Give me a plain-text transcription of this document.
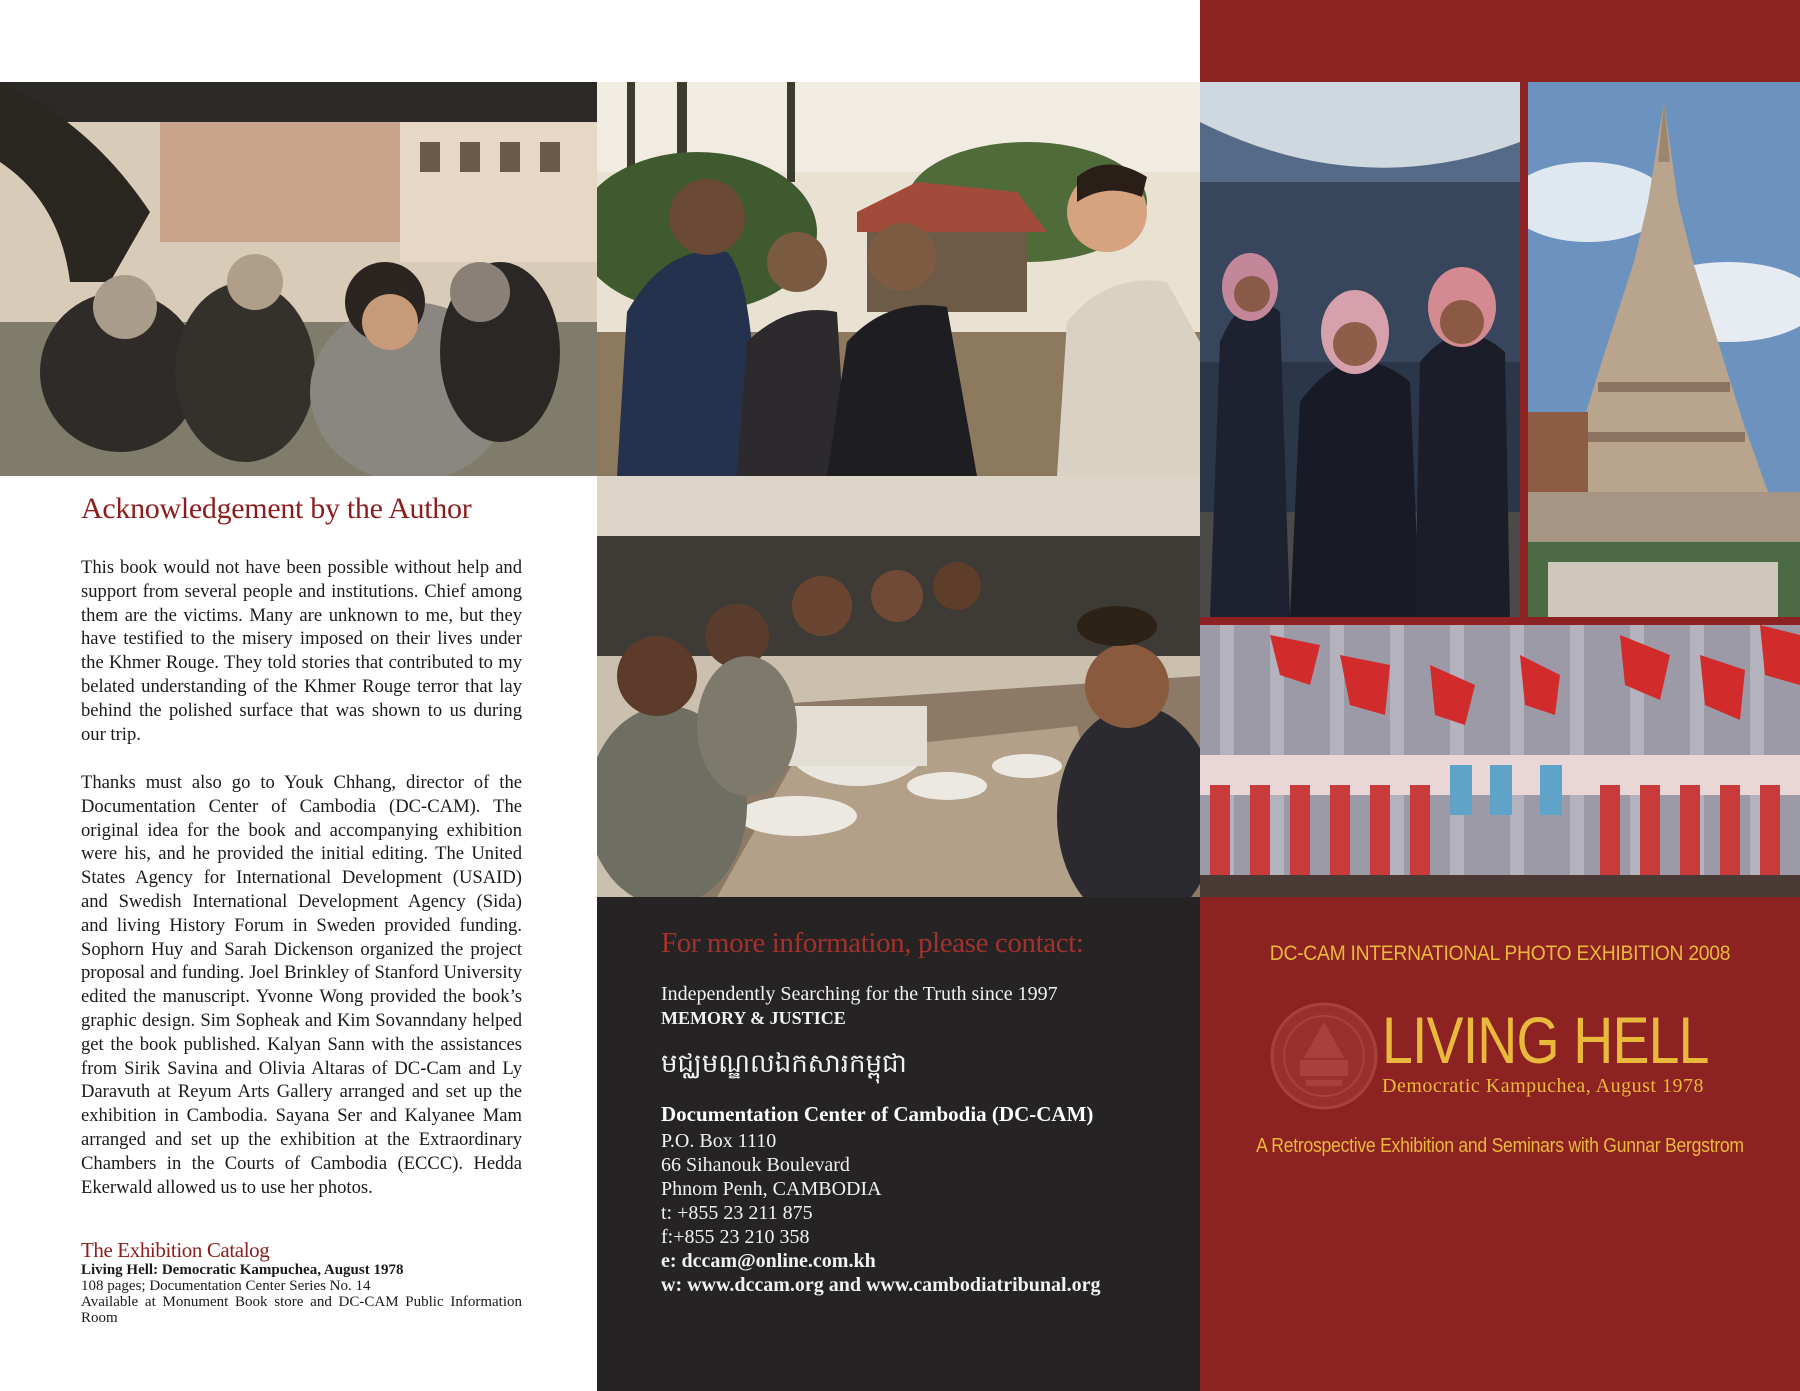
Acknowledgement by the Author

This book would not have been possible without help and support from several people and institutions. Chief among them are the victims. Many are unknown to me, but they have testified to the misery imposed on their lives under the Khmer Rouge. They told stories that contributed to my belated understanding of the Khmer Rouge terror that lay behind the polished surface that was shown to us during our trip.

Thanks must also go to Youk Chhang, director of the Documentation Center of Cambodia (DC-CAM). The original idea for the book and accompanying exhibition were his, and he provided the initial editing. The United States Agency for International Development (USAID) and Swedish International Development Agency (Sida) and living History Forum in Sweden provided funding. Sophorn Huy and Sarah Dickenson organized the project proposal and funding. Joel Brinkley of Stanford University edited the manuscript. Yvonne Wong provided the book’s graphic design. Sim Sopheak and Kim Sovanndany helped get the book published. Kalyan Sann with the assistances from Sirik Savina and Olivia Altaras of DC-Cam and Ly Daravuth at Reyum Arts Gallery arranged and set up the exhibition in Cambodia. Sayana Ser and Kalyanee Mam arranged and set up the exhibition at the Extraordinary Chambers in the Courts of Cambodia (ECCC). Hedda Ekerwald allowed us to use her photos.

The Exhibition Catalog
Living Hell: Democratic Kampuchea, August 1978
108 pages; Documentation Center Series No. 14
Available at Monument Book store and DC-CAM Public Information Room
For more information, please contact:
Independently Searching for the Truth since 1997
MEMORY & JUSTICE
មជ្ឈមណ្ឌលឯកសារកម្ពុជា
Documentation Center of Cambodia (DC-CAM)
P.O. Box 1110
66 Sihanouk Boulevard
Phnom Penh, CAMBODIA
t: +855 23 211 875
f:+855 23 210 358
e: dccam@online.com.kh
w: www.dccam.org and www.cambodiatribunal.org
DC-CAM INTERNATIONAL PHOTO EXHIBITION 2008
LIVING HELL
Democratic Kampuchea, August 1978
A Retrospective Exhibition and Seminars with Gunnar Bergstrom
